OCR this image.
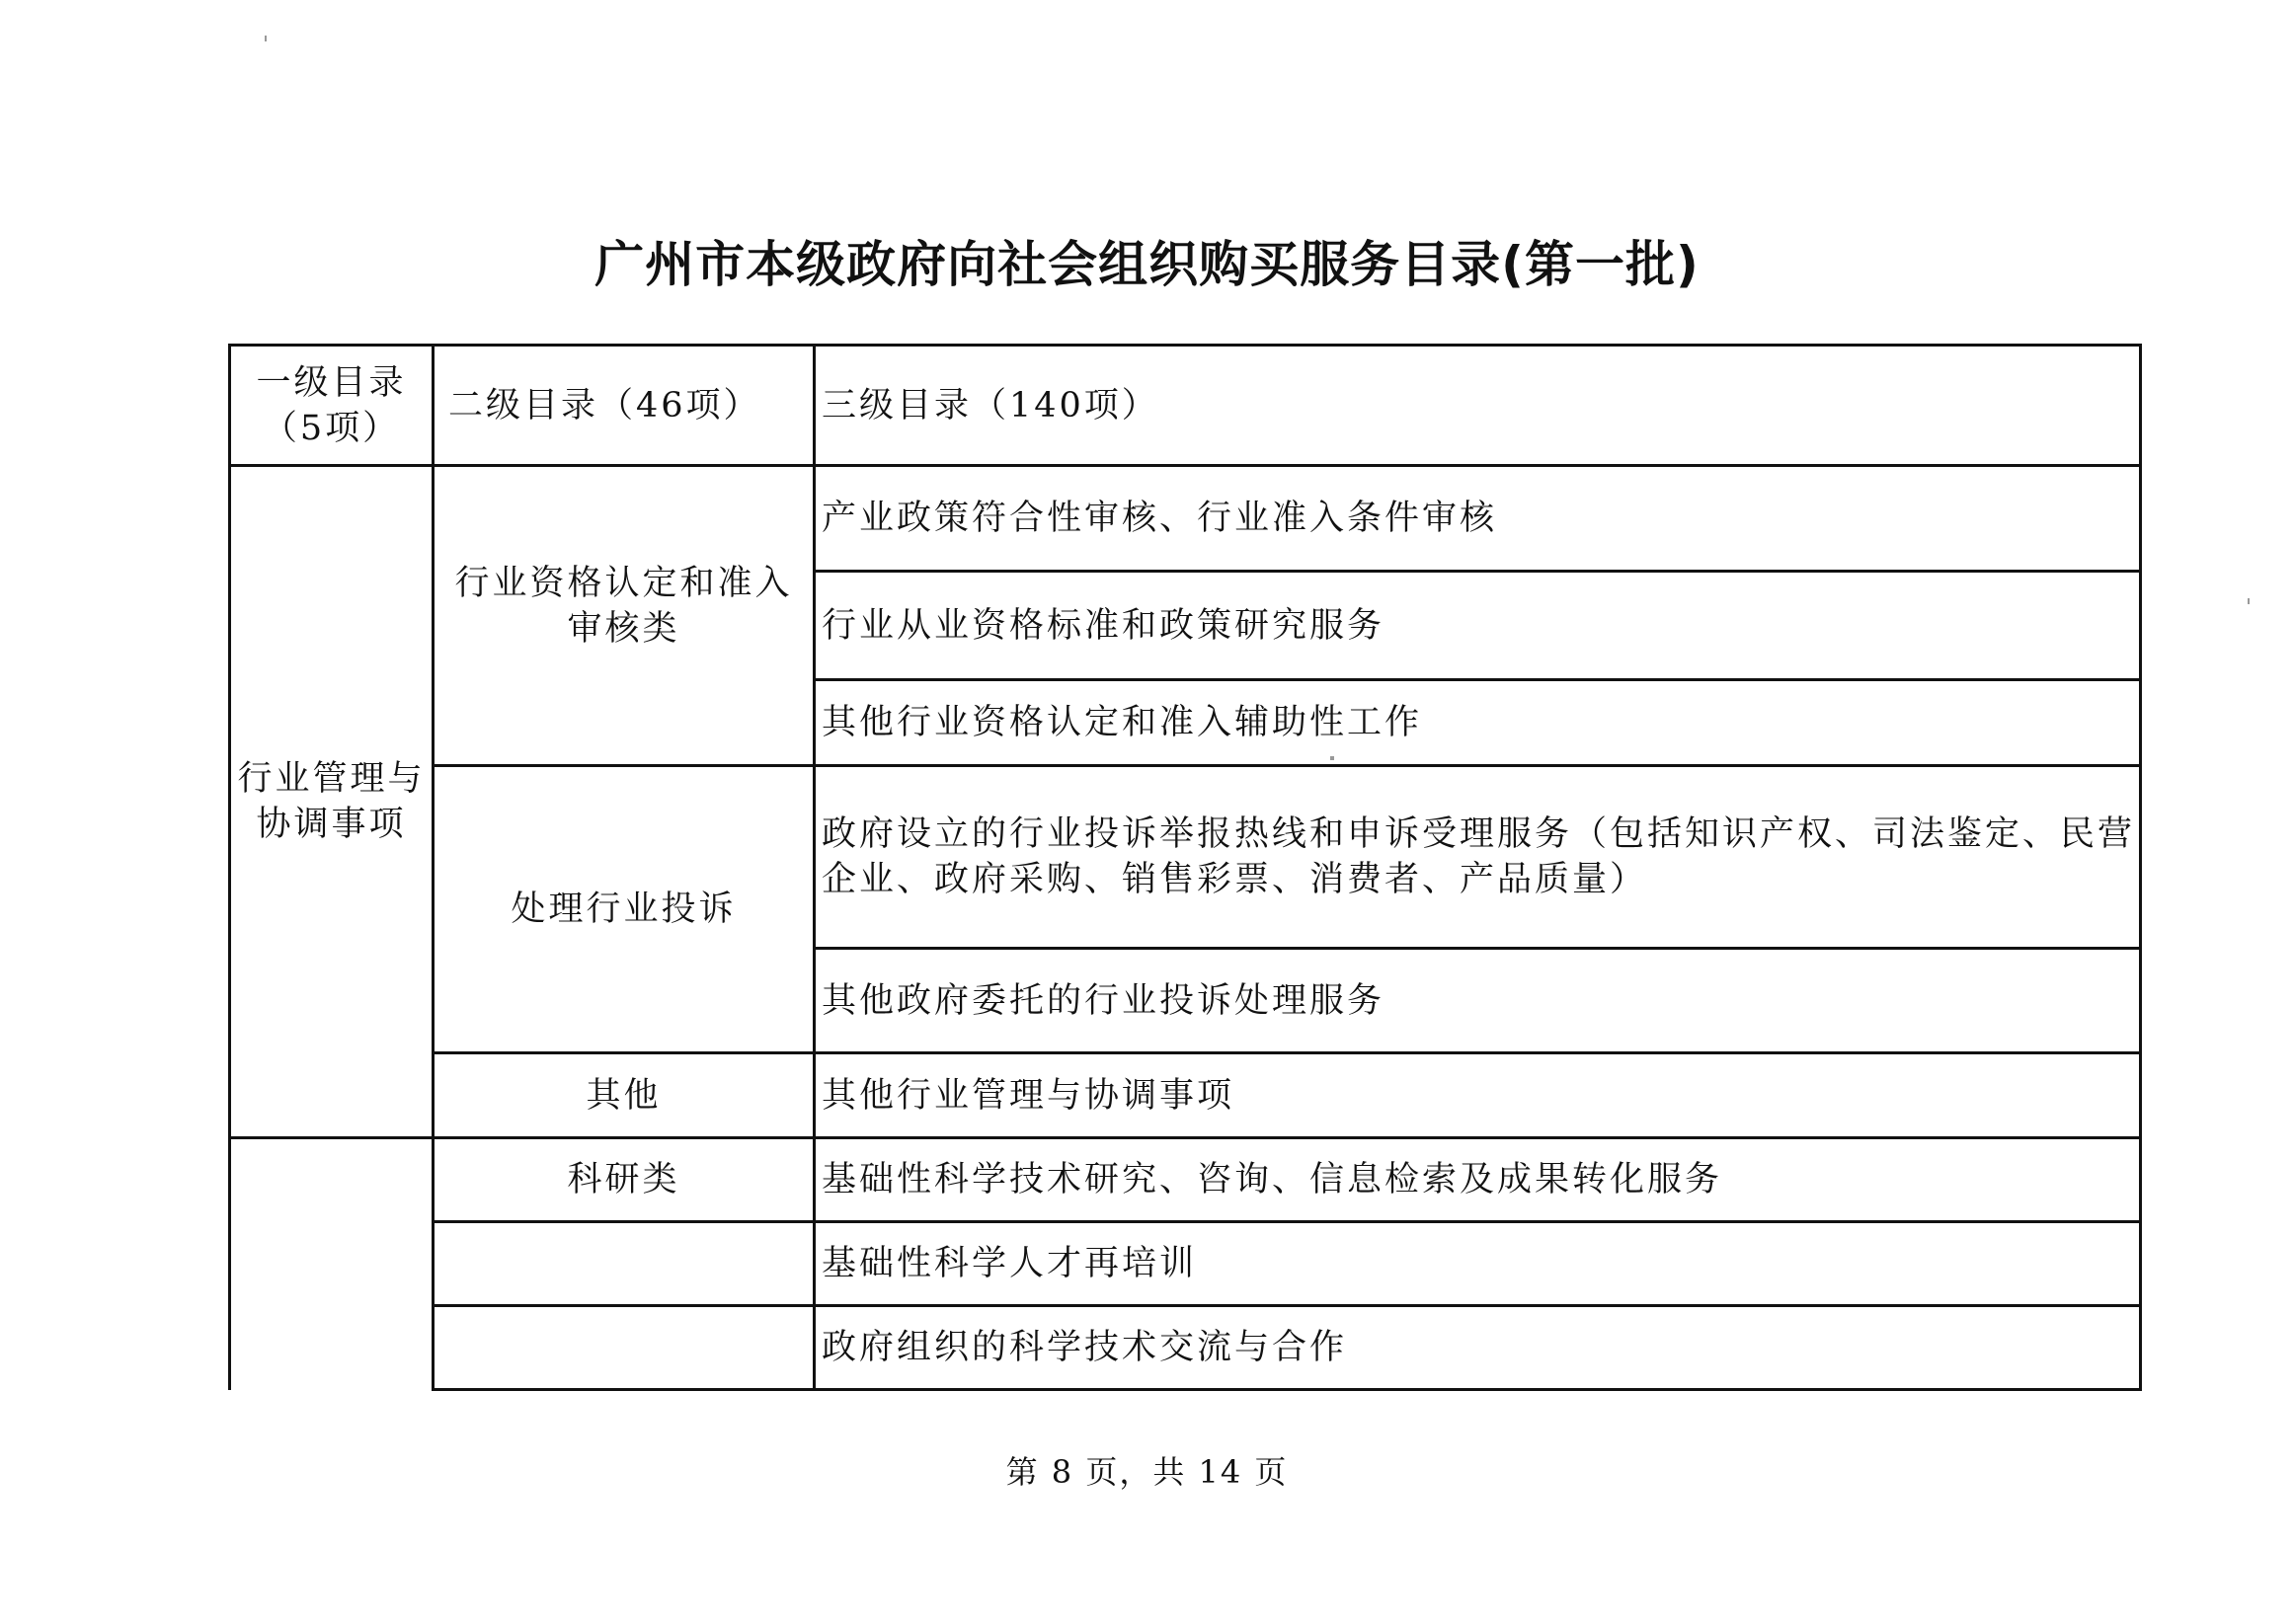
广州市本级政府向社会组织购买服务目录(第一批)
一级目录（5项）	二级目录（46项）	三级目录（140项）
行业管理与协调事项	行业资格认定和准入审核类	产业政策符合性审核、行业准入条件审核
		行业从业资格标准和政策研究服务
		其他行业资格认定和准入辅助性工作
	处理行业投诉	政府设立的行业投诉举报热线和申诉受理服务（包括知识产权、司法鉴定、民营企业、政府采购、销售彩票、消费者、产品质量）
		其他政府委托的行业投诉处理服务
	其他	其他行业管理与协调事项
	科研类	基础性科学技术研究、咨询、信息检索及成果转化服务
		基础性科学人才再培训
		政府组织的科学技术交流与合作
第 8 页，共 14 页
